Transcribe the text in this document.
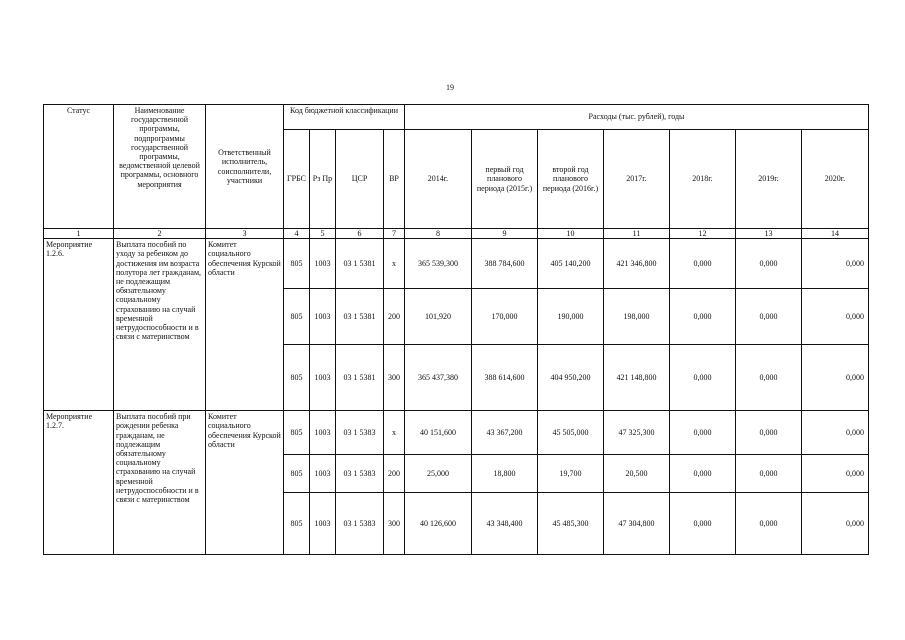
19
Статус	Наименование государственной программы, подпрограммы государственной программы, ведомственной целевой программы, основного мероприятия	Ответственный исполнитель, соисполнители, участники	Код бюджетной классификации				Расходы (тыс. рублей), годы						
			ГРБС	Рз Пр	ЦСР	ВР	2014г.	первый год планового периода (2015г.)	второй год планового периода (2016г.)	2017г.	2018г.	2019г.	2020г.
1	2	3	4	5	6	7	8	9	10	11	12	13	14
Мероприятие 1.2.6.	Выплата пособий по уходу за ребенком до достижения им возраста полутора лет гражданам, не подлежащим обязательному социальному страхованию на случай временной нетрудоспособности и в связи с материнством	Комитет социального обеспечения Курской области	805	1003	03 1 5381	х	365 539,300	388 784,600	405 140,200	421 346,800	0,000	0,000	0,000
			805	1003	03 1 5381	200	101,920	170,000	190,000	198,000	0,000	0,000	0,000
			805	1003	03 1 5381	300	365 437,380	388 614,600	404 950,200	421 148,800	0,000	0,000	0,000
Мероприятие 1.2.7.	Выплата пособий при рождении ребенка гражданам, не подлежащим обязательному социальному страхованию на случай временной нетрудоспособности и в связи с материнством	Комитет социального обеспечения Курской области	805	1003	03 1 5383	х	40 151,600	43 367,200	45 505,000	47 325,300	0,000	0,000	0,000
			805	1003	03 1 5383	200	25,000	18,800	19,700	20,500	0,000	0,000	0,000
			805	1003	03 1 5383	300	40 126,600	43 348,400	45 485,300	47 304,800	0,000	0,000	0,000
